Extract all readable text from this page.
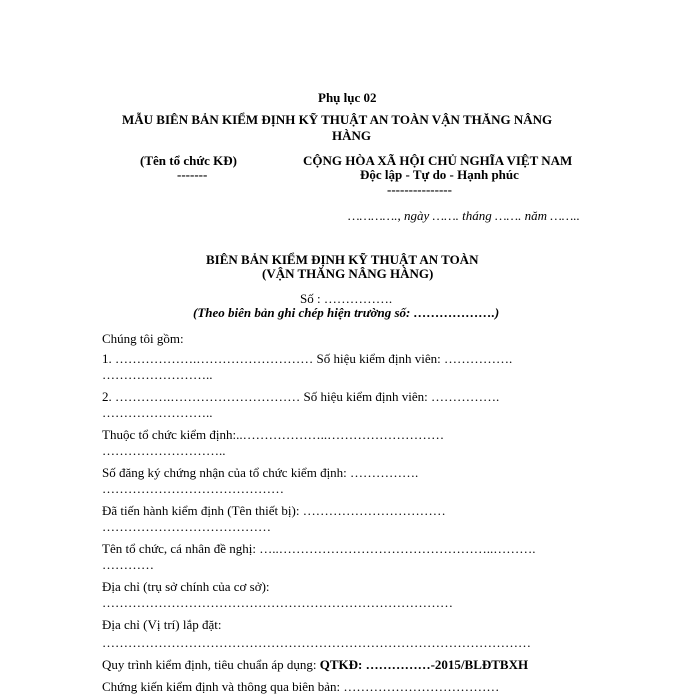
Phụ lục 02
MẪU BIÊN BẢN KIỂM ĐỊNH KỸ THUẬT AN TOÀN VẬN THĂNG NÂNG
HÀNG
(Tên tổ chức KĐ)
-------
CỘNG HÒA XÃ HỘI CHỦ NGHĨA VIỆT NAM
Độc lập - Tự do - Hạnh phúc
---------------
…………., ngày ……. tháng ……. năm ……..
BIÊN BẢN KIỂM ĐỊNH KỸ THUẬT AN TOÀN
(VẬN THĂNG NÂNG HÀNG)
Số : …………….
(Theo biên bản ghi chép hiện trường số: ……………….)
Chúng tôi gồm:
1. ……………….……………………… Số hiệu kiểm định viên: …………….
……………………..
2. ………….………………………… Số hiệu kiểm định viên: …………….
……………………..
Thuộc tổ chức kiểm định:..………………..………………………
………………………..
Số đăng ký chứng nhận của tổ chức kiểm định: …………….
……………………………………
Đã tiến hành kiểm định (Tên thiết bị): ……………………………
…………………………………
Tên tổ chức, cá nhân đề nghị: …..…………………………………………..……….
…………
Địa chỉ (trụ sở chính của cơ sở):
………………………………………………………………………
Địa chỉ (Vị trí) lắp đặt:
………………………………………………………………………………………
Quy trình kiểm định, tiêu chuẩn áp dụng: QTKĐ: ……………-2015/BLĐTBXH
Chứng kiến kiểm định và thông qua biên bản: ………………………………
